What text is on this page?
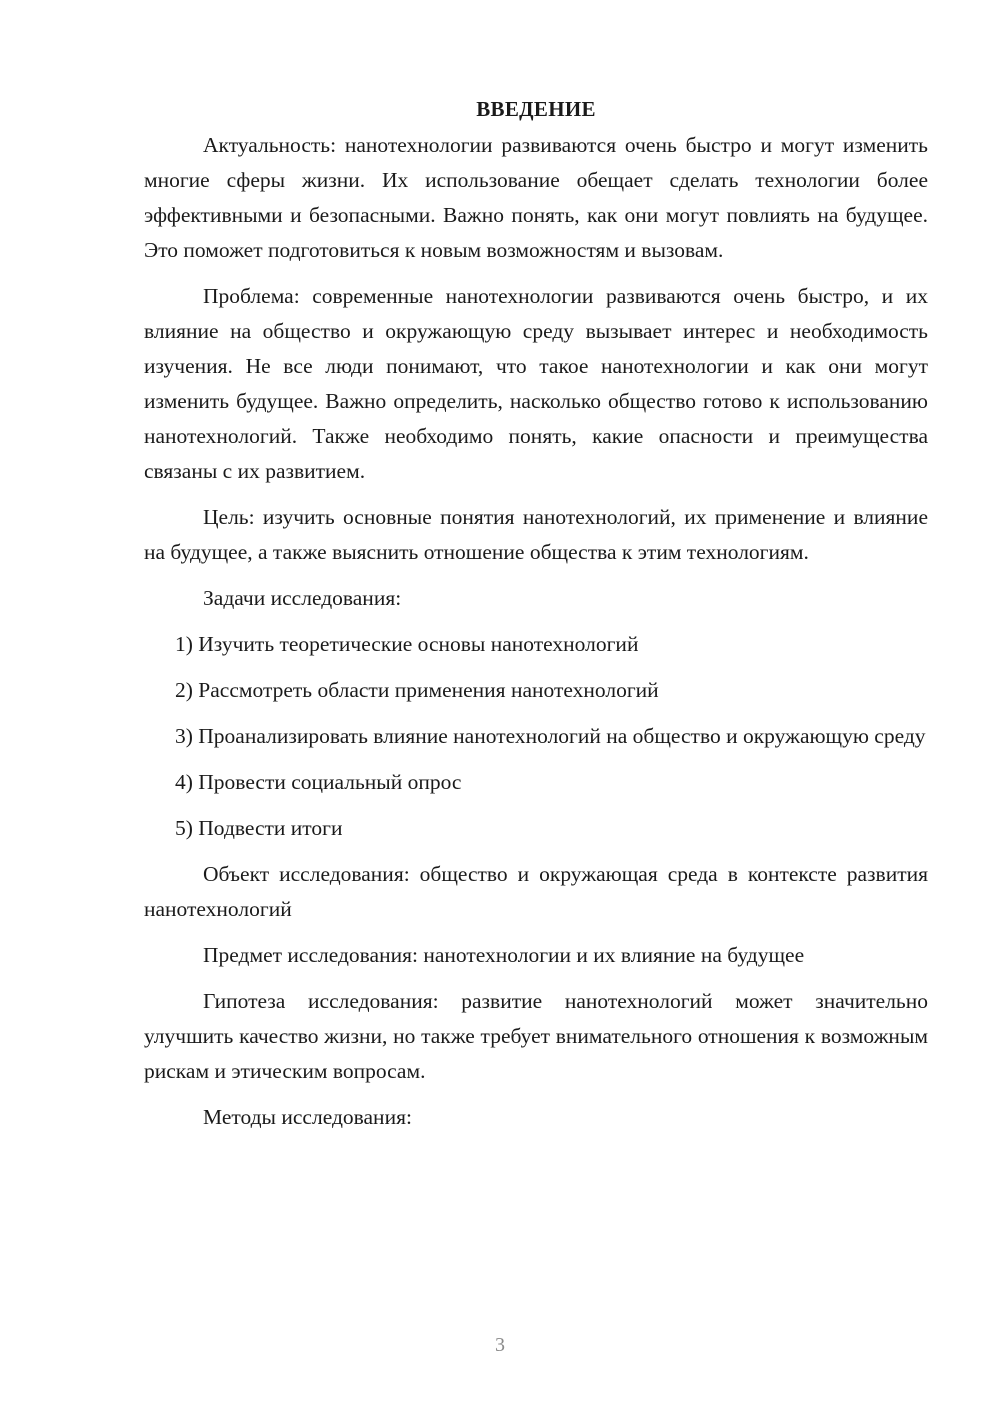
ВВЕДЕНИЕ

Актуальность: нанотехнологии развиваются очень быстро и могут изменить многие сферы жизни. Их использование обещает сделать технологии более эффективными и безопасными. Важно понять, как они могут повлиять на будущее. Это поможет подготовиться к новым возможностям и вызовам.

Проблема: современные нанотехнологии развиваются очень быстро, и их влияние на общество и окружающую среду вызывает интерес и необходимость изучения. Не все люди понимают, что такое нанотехнологии и как они могут изменить будущее. Важно определить, насколько общество готово к использованию нанотехнологий. Также необходимо понять, какие опасности и преимущества связаны с их развитием.

Цель: изучить основные понятия нанотехнологий, их применение и влияние на будущее, а также выяснить отношение общества к этим технологиям.

Задачи исследования:

1) Изучить теоретические основы нанотехнологий

2) Рассмотреть области применения нанотехнологий

3) Проанализировать влияние нанотехнологий на общество и окружающую среду

4) Провести социальный опрос

5) Подвести итоги

Объект исследования: общество и окружающая среда в контексте развития нанотехнологий

Предмет исследования: нанотехнологии и их влияние на будущее

Гипотеза исследования: развитие нанотехнологий может значительно улучшить качество жизни, но также требует внимательного отношения к возможным рискам и этическим вопросам.

Методы исследования:

3
